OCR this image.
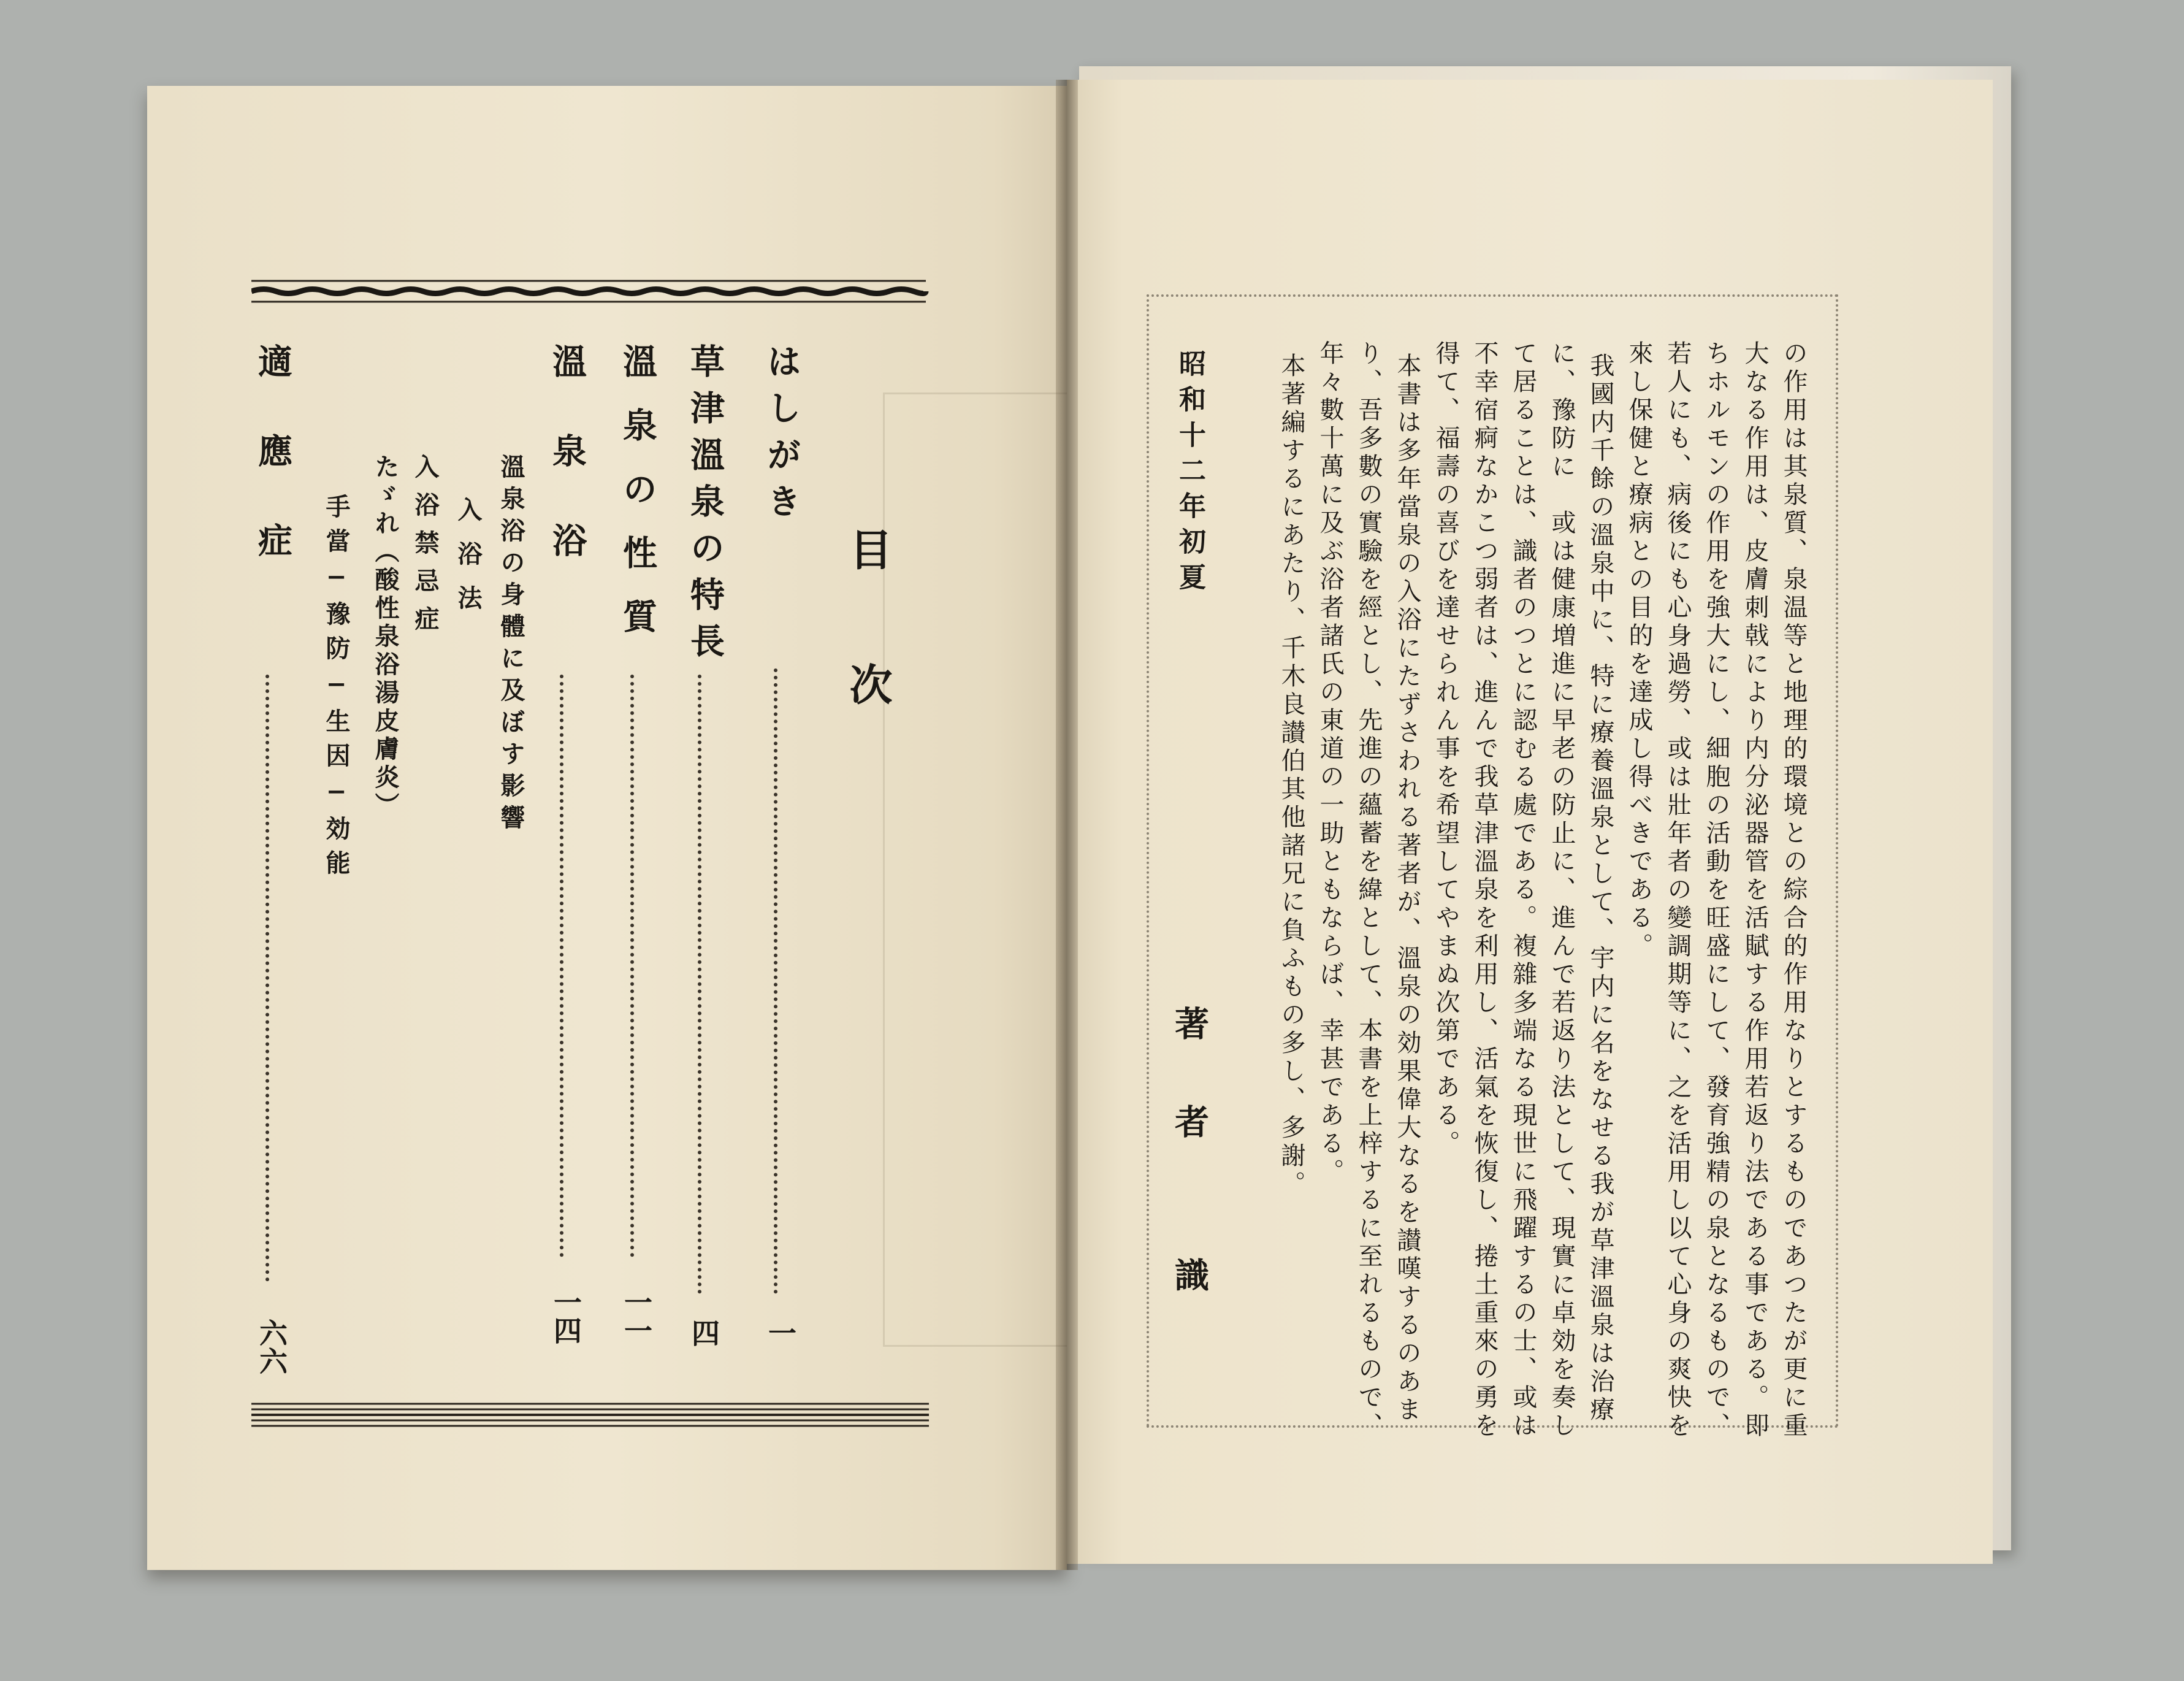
目次
はしがき
一
草津溫泉の特長
四
溫泉の性質
一一
溫泉浴
一四
溫泉浴の身體に及ぼす影響
入浴法
入浴禁忌症
たゞれ（酸性泉浴湯皮膚炎）
手當−豫防−生因−効能
適應症
六六	の作用は其泉質、泉温等と地理的環境との綜合的作用なりとするものであつたが更に重
大なる作用は、皮膚刺戟により内分泌器管を活賦する作用若返り法である事である。即
ちホルモンの作用を強大にし、細胞の活動を旺盛にして、發育強精の泉となるもので、
若人にも、病後にも心身過勞、或は壯年者の變調期等に、之を活用し以て心身の爽快を
來し保健と療病との目的を達成し得べきである。
我國内千餘の溫泉中に、特に療養溫泉として、宇内に名をなせる我が草津溫泉は治療
に、豫防に　或は健康増進に早老の防止に、進んで若返り法として、現實に卓効を奏し
て居ることは、識者のつとに認むる處である。複雜多端なる現世に飛躍するの士、或は
不幸宿痾なかこつ弱者は、進んで我草津溫泉を利用し、活氣を恢復し、捲土重來の勇を
得て、福壽の喜びを達せられん事を希望してやまぬ次第である。
本書は多年當泉の入浴にたずさわれる著者が、溫泉の効果偉大なるを讃嘆するのあま
り、吾多數の實驗を經とし、先進の蘊蓄を緯として、本書を上梓するに至れるもので、
年々數十萬に及ぶ浴者諸氏の東道の一助ともならば、幸甚である。
本著編するにあたり、千木良讃伯其他諸兄に負ふもの多し、多謝。
昭和十二年初夏
著
者
識
